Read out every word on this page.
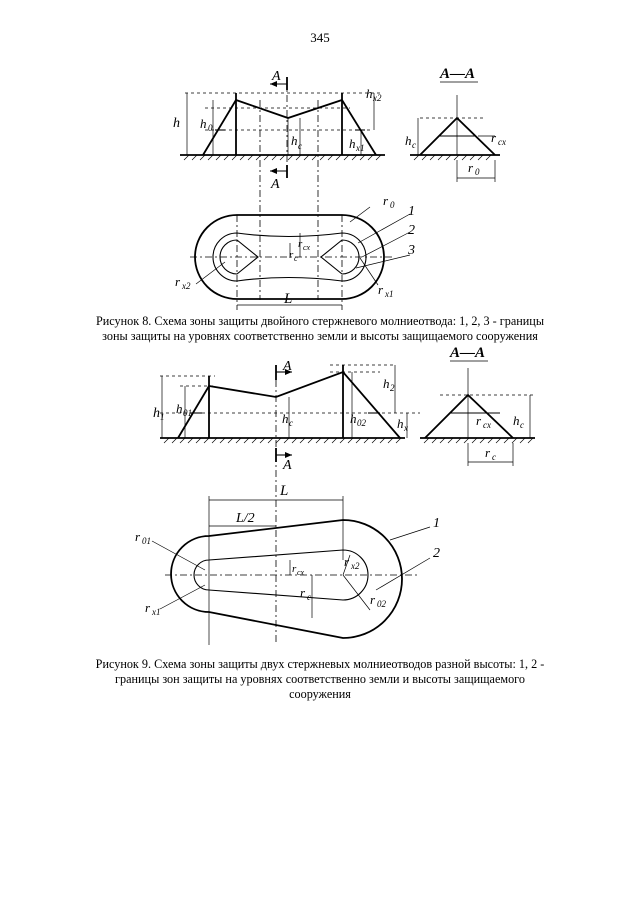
345
h h 0
h c	h x1
h x2
A
A
A—A
h c	r cx
r 0
r 0 1
2
3
r cx
r c
r x2	r x1
L
Рисунок 8. Схема зоны защиты двойного стержневого молниеотвода: 1, 2, 3 - границы зоны защиты на уровнях соответственно земли и высоты защищаемого сооружения
A—A
h 1
h 01	h c	h 02
h 2
h x
A
A
r cx h c
r c
L
L/2
r 01
r x1
r cx
r c
r x2
r 02
1
2
Рисунок 9. Схема зоны защиты двух стержневых молниеотводов разной высоты: 1, 2 - границы зон защиты на уровнях соответственно земли и высоты защищаемого сооружения
